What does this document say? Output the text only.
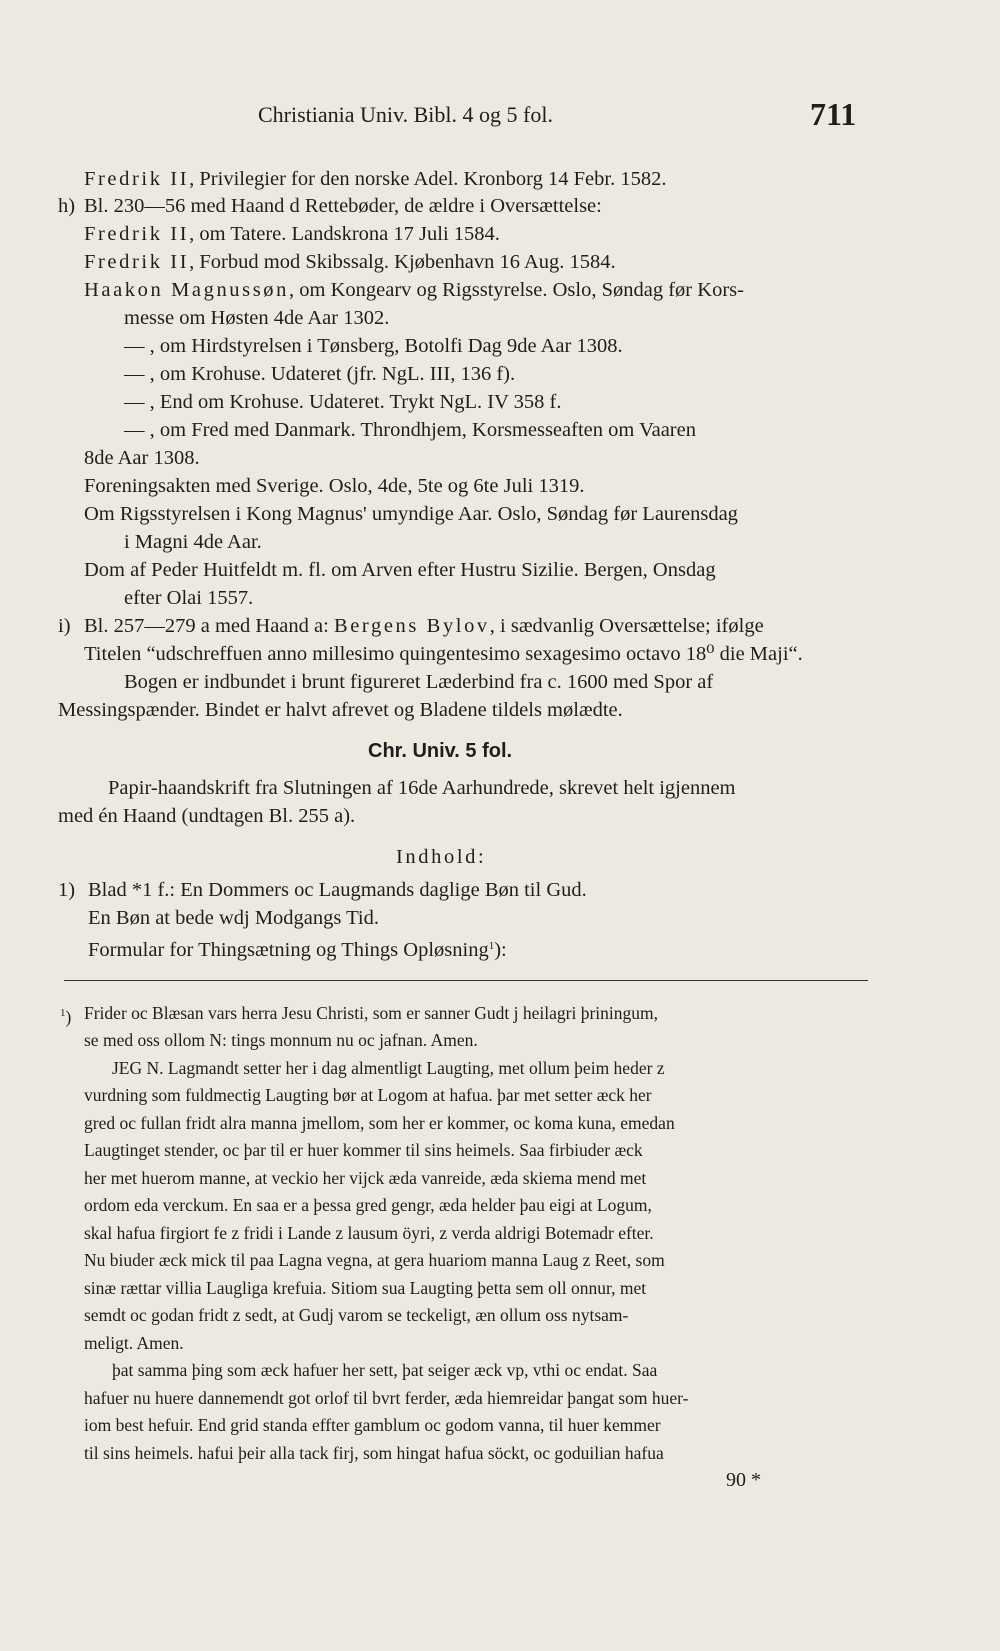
Christiania Univ. Bibl. 4 og 5 fol.	711
Fredrik II, Privilegier for den norske Adel. Kronborg 14 Febr. 1582.
h) Bl. 230—56 med Haand d Rettebøder, de ældre i Oversættelse:
Fredrik II, om Tatere. Landskrona 17 Juli 1584.
Fredrik II, Forbud mod Skibssalg. Kjøbenhavn 16 Aug. 1584.
Haakon Magnussøn, om Kongearv og Rigsstyrelse. Oslo, Søndag før Kors-
messe om Høsten 4de Aar 1302.
— , om Hirdstyrelsen i Tønsberg, Botolfi Dag 9de Aar 1308.
— , om Krohuse. Udateret (jfr. NgL. III, 136 f).
— , End om Krohuse. Udateret. Trykt NgL. IV 358 f.
— , om Fred med Danmark. Throndhjem, Korsmesseaften om Vaaren
8de Aar 1308.
Foreningsakten med Sverige. Oslo, 4de, 5te og 6te Juli 1319.
Om Rigsstyrelsen i Kong Magnus' umyndige Aar. Oslo, Søndag før Laurensdag
i Magni 4de Aar.
Dom af Peder Huitfeldt m. fl. om Arven efter Hustru Sizilie. Bergen, Onsdag
efter Olai 1557.
i) Bl. 257—279 a med Haand a: Bergens Bylov, i sædvanlig Oversættelse; ifølge
Titelen “udschreffuen anno millesimo quingentesimo sexagesimo octavo 18⁰ die Maji“.
Bogen er indbundet i brunt figureret Læderbind fra c. 1600 med Spor af
Messingspænder. Bindet er halvt afrevet og Bladene tildels mølædte.
Chr. Univ. 5 fol.
Papir-haandskrift fra Slutningen af 16de Aarhundrede, skrevet helt igjennem
med én Haand (undtagen Bl. 255 a).
Indhold:
1) Blad *1 f.: En Dommers oc Laugmands daglige Bøn til Gud.
En Bøn at bede wdj Modgangs Tid.
Formular for Thingsætning og Things Opløsning$^1$):
$^1$) Frider oc Blæsan vars herra Jesu Christi, som er sanner Gudt j heilagri þriningum,
se med oss ollom N: tings monnum nu oc jafnan. Amen.
JEG N. Lagmandt setter her i dag almentligt Laugting, met ollum þeim heder z
vurdning som fuldmectig Laugting bør at Logom at hafua. þar met setter æck her
gred oc fullan fridt alra manna jmellom, som her er kommer, oc koma kuna, emedan
Laugtinget stender, oc þar til er huer kommer til sins heimels. Saa firbiuder æck
her met huerom manne, at veckio her vijck æda vanreide, æda skiema mend met
ordom eda verckum. En saa er a þessa gred gengr, æda helder þau eigi at Logum,
skal hafua firgiort fe z fridi i Lande z lausum öyri, z verda aldrigi Botemadr efter.
Nu biuder æck mick til paa Lagna vegna, at gera huariom manna Laug z Reet, som
sinæ rættar villia Laugliga krefuia. Sitiom sua Laugting þetta sem oll onnur, met
semdt oc godan fridt z sedt, at Gudj varom se teckeligt, æn ollum oss nytsam-
meligt. Amen.
þat samma þing som æck hafuer her sett, þat seiger æck vp, vthi oc endat. Saa
hafuer nu huere dannemendt got orlof til bvrt ferder, æda hiemreidar þangat som huer-
iom best hefuir. End grid standa effter gamblum oc godom vanna, til huer kemmer
til sins heimels. hafui þeir alla tack firj, som hingat hafua söckt, oc goduilian hafua
90 *
